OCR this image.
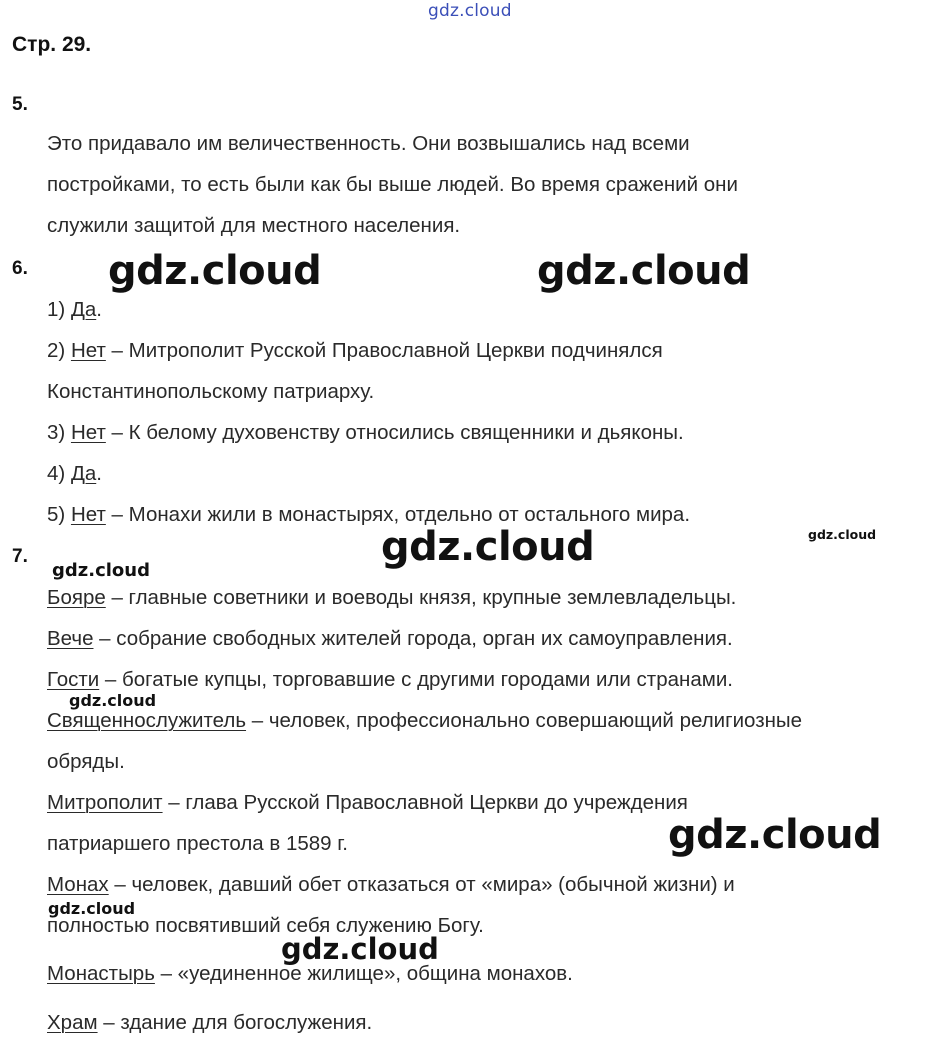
gdz.cloud
Стр. 29.
5.
Это придавало им величественность. Они возвышались над всеми
постройками, то есть были как бы выше людей. Во время сражений они
служили защитой для местного населения.
6.
1) Да.
2) Нет – Митрополит Русской Православной Церкви подчинялся
Константинопольскому патриарху.
3) Нет – К белому духовенству относились священники и дьяконы.
4) Да.
5) Нет – Монахи жили в монастырях, отдельно от остального мира.
7.
Бояре – главные советники и воеводы князя, крупные землевладельцы.
Вече – собрание свободных жителей города, орган их самоуправления.
Гости – богатые купцы, торговавшие с другими городами или странами.
Священнослужитель – человек, профессионально совершающий религиозные
обряды.
Митрополит – глава Русской Православной Церкви до учреждения
патриаршего престола в 1589 г.
Монах – человек, давший обет отказаться от «мира» (обычной жизни) и
полностью посвятивший себя служению Богу.
Монастырь – «уединенное жилище», община монахов.
Храм – здание для богослужения.
gdz.cloud	gdz.cloud
gdz.cloud
gdz.cloud
gdz.cloud
gdz.cloud
gdz.cloud
gdz.cloud
gdz.cloud
